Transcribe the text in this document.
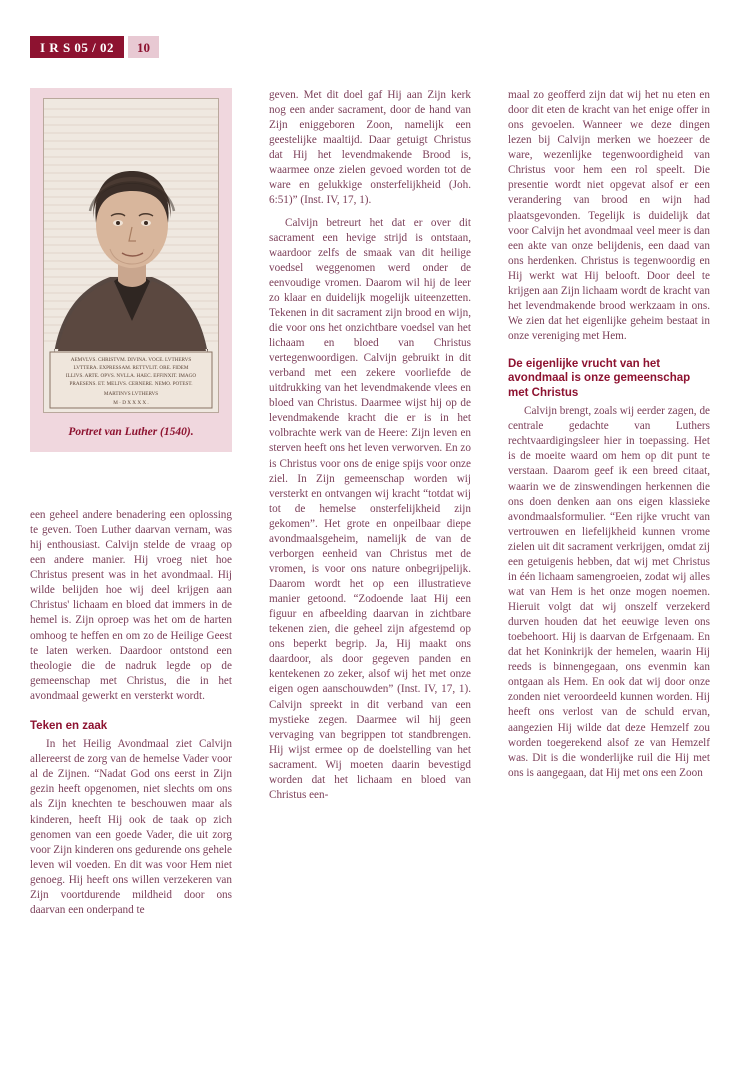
I R S 05 / 02	10
AEMVLVS. CHRISTVM. DIVINA. VOCE. LVTHERVS
LVTTERA. EXPRESSAM. RETTVLIT. ORE. FIDEM
ILLIVS. ARTE. OPVS. NVLLA. HAEC. EFFINXIT. IMAGO
PRAESENS. ET. MELIVS. CERNERE. NEMO. POTEST.
MARTINVS LVTHERVS
M · D X X X X .
Portret van Luther (1540).

een geheel andere benadering een oplossing te geven. Toen Luther daarvan vernam, was hij enthousiast. Calvijn stelde de vraag op een andere manier. Hij vroeg niet hoe Christus present was in het avondmaal. Hij wilde belijden hoe wij deel krijgen aan Christus' lichaam en bloed dat immers in de hemel is. Zijn oproep was het om de harten omhoog te heffen en om zo de Heilige Geest te laten werken. Daardoor ontstond een theologie die de nadruk legde op de gemeenschap met Christus, die in het avondmaal gewerkt en versterkt wordt.

Teken en zaak

In het Heilig Avondmaal ziet Calvijn allereerst de zorg van de hemelse Vader voor al de Zijnen. “Nadat God ons eerst in Zijn gezin heeft opgenomen, niet slechts om ons als Zijn knechten te beschouwen maar als kinderen, heeft Hij ook de taak op zich genomen van een goede Vader, die uit zorg voor Zijn kinderen ons gedurende ons gehele leven wil voeden. En dit was voor Hem niet genoeg. Hij heeft ons willen verzekeren van Zijn voortdurende mildheid door ons daarvan een onderpand te

geven. Met dit doel gaf Hij aan Zijn kerk nog een ander sacrament, door de hand van Zijn eniggeboren Zoon, namelijk een geestelijke maaltijd. Daar getuigt Christus dat Hij het levendmakende Brood is, waarmee onze zielen gevoed worden tot de ware en gelukkige onsterfelijkheid (Joh. 6:51)” (Inst. IV, 17, 1).

Calvijn betreurt het dat er over dit sacrament een hevige strijd is ontstaan, waardoor zelfs de smaak van dit heilige voedsel weggenomen werd onder de eenvoudige vromen. Daarom wil hij de leer zo klaar en duidelijk mogelijk uiteenzetten. Tekenen in dit sacrament zijn brood en wijn, die voor ons het onzichtbare voedsel van het lichaam en bloed van Christus vertegenwoordigen. Calvijn gebruikt in dit verband met een zekere voorliefde de uitdrukking van het levendmakende vlees en bloed van Christus. Daarmee wijst hij op de levendmakende kracht die er is in het volbrachte werk van de Heere: Zijn leven en sterven heeft ons het leven verworven. En zo is Christus voor ons de enige spijs voor onze ziel. In Zijn gemeenschap worden wij versterkt en ontvangen wij kracht “totdat wij tot de hemelse onsterfelijkheid zijn gekomen”. Het grote en onpeilbaar diepe avondmaalsgeheim, namelijk de van de verborgen eenheid van Christus met de vromen, is voor ons nature onbegrijpelijk. Daarom wordt het op een illustratieve manier getoond. “Zodoende laat Hij een figuur en afbeelding daarvan in zichtbare tekenen zien, die geheel zijn afgestemd op ons beperkt begrip. Ja, Hij maakt ons daardoor, als door gegeven panden en kentekenen zo zeker, alsof wij het met onze eigen ogen aanschouwden” (Inst. IV, 17, 1). Calvijn spreekt in dit verband van een mystieke zegen. Daarmee wil hij geen vervaging van begrippen tot standbrengen. Hij wijst ermee op de doelstelling van het sacrament. Wij moeten daarin bevestigd worden dat het lichaam en bloed van Christus een-

maal zo geofferd zijn dat wij het nu eten en door dit eten de kracht van het enige offer in ons gevoelen. Wanneer we deze dingen lezen bij Calvijn merken we hoezeer de ware, wezenlijke tegenwoordigheid van Christus voor hem een rol speelt. Die presentie wordt niet opgevat alsof er een verandering van brood en wijn had plaatsgevonden. Tegelijk is duidelijk dat voor Calvijn het avondmaal veel meer is dan een akte van onze belijdenis, een daad van ons herdenken. Christus is tegenwoordig en Hij werkt wat Hij belooft. Door deel te krijgen aan Zijn lichaam wordt de kracht van het levendmakende brood werkzaam in ons. We zien dat het eigenlijke geheim bestaat in onze vereniging met Hem.

De eigenlijke vrucht van het avondmaal is onze gemeenschap met Christus

Calvijn brengt, zoals wij eerder zagen, de centrale gedachte van Luthers rechtvaardigingsleer hier in toepassing. Het is de moeite waard om hem op dit punt te verstaan. Daarom geef ik een breed citaat, waarin we de zinswendingen herkennen die ons doen denken aan ons eigen klassieke avondmaalsformulier. “Een rijke vrucht van vertrouwen en liefelijkheid kunnen vrome zielen uit dit sacrament verkrijgen, omdat zij een getuigenis hebben, dat wij met Christus in één lichaam samengroeien, zodat wij alles wat van Hem is het onze mogen noemen. Hieruit volgt dat wij onszelf verzekerd durven houden dat het eeuwige leven ons toebehoort. Hij is daarvan de Erfgenaam. En dat het Koninkrijk der hemelen, waarin Hij reeds is binnengegaan, ons evenmin kan ontgaan als Hem. En ook dat wij door onze zonden niet veroordeeld kunnen worden. Hij heeft ons verlost van de schuld ervan, aangezien Hij wilde dat deze Hemzelf zou worden toegerekend alsof ze van Hemzelf was. Dit is die wonderlijke ruil die Hij met ons is aangegaan, dat Hij met ons een Zoon
